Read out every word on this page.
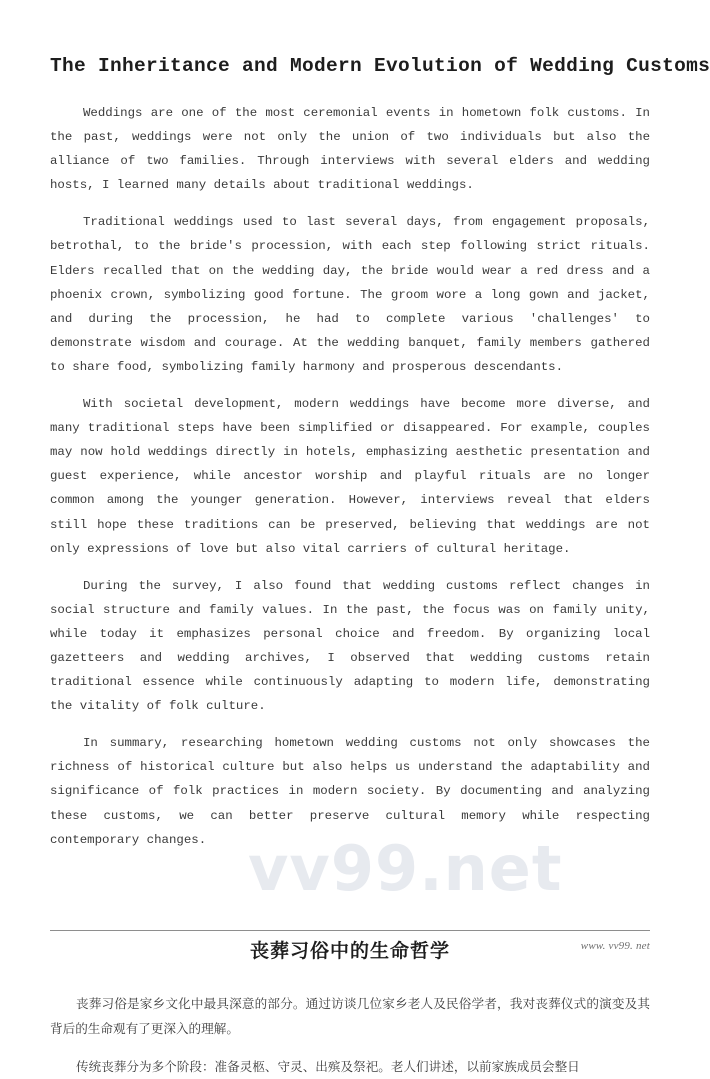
vv99.net
The Inheritance and Modern Evolution of Wedding Customs

Weddings are one of the most ceremonial events in hometown folk customs. In the past, weddings were not only the union of two individuals but also the alliance of two families. Through interviews with several elders and wedding hosts, I learned many details about traditional weddings.

Traditional weddings used to last several days, from engagement proposals, betrothal, to the bride's procession, with each step following strict rituals. Elders recalled that on the wedding day, the bride would wear a red dress and a phoenix crown, symbolizing good fortune. The groom wore a long gown and jacket, and during the procession, he had to complete various 'challenges' to demonstrate wisdom and courage. At the wedding banquet, family members gathered to share food, symbolizing family harmony and prosperous descendants.

With societal development, modern weddings have become more diverse, and many traditional steps have been simplified or disappeared. For example, couples may now hold weddings directly in hotels, emphasizing aesthetic presentation and guest experience, while ancestor worship and playful rituals are no longer common among the younger generation. However, interviews reveal that elders still hope these traditions can be preserved, believing that weddings are not only expressions of love but also vital carriers of cultural heritage.

During the survey, I also found that wedding customs reflect changes in social structure and family values. In the past, the focus was on family unity, while today it emphasizes personal choice and freedom. By organizing local gazetteers and wedding archives, I observed that wedding customs retain traditional essence while continuously adapting to modern life, demonstrating the vitality of folk culture.

In summary, researching hometown wedding customs not only showcases the richness of historical culture but also helps us understand the adaptability and significance of folk practices in modern society. By documenting and analyzing these customs, we can better preserve cultural memory while respecting contemporary changes.

丧葬习俗中的生命哲学

丧葬习俗是家乡文化中最具深意的部分。通过访谈几位家乡老人及民俗学者，我对丧葬仪式的演变及其背后的生命观有了更深入的理解。

传统丧葬分为多个阶段：准备灵柩、守灵、出殡及祭祀。老人们讲述，以前家族成员会整日

www. vv99. net
